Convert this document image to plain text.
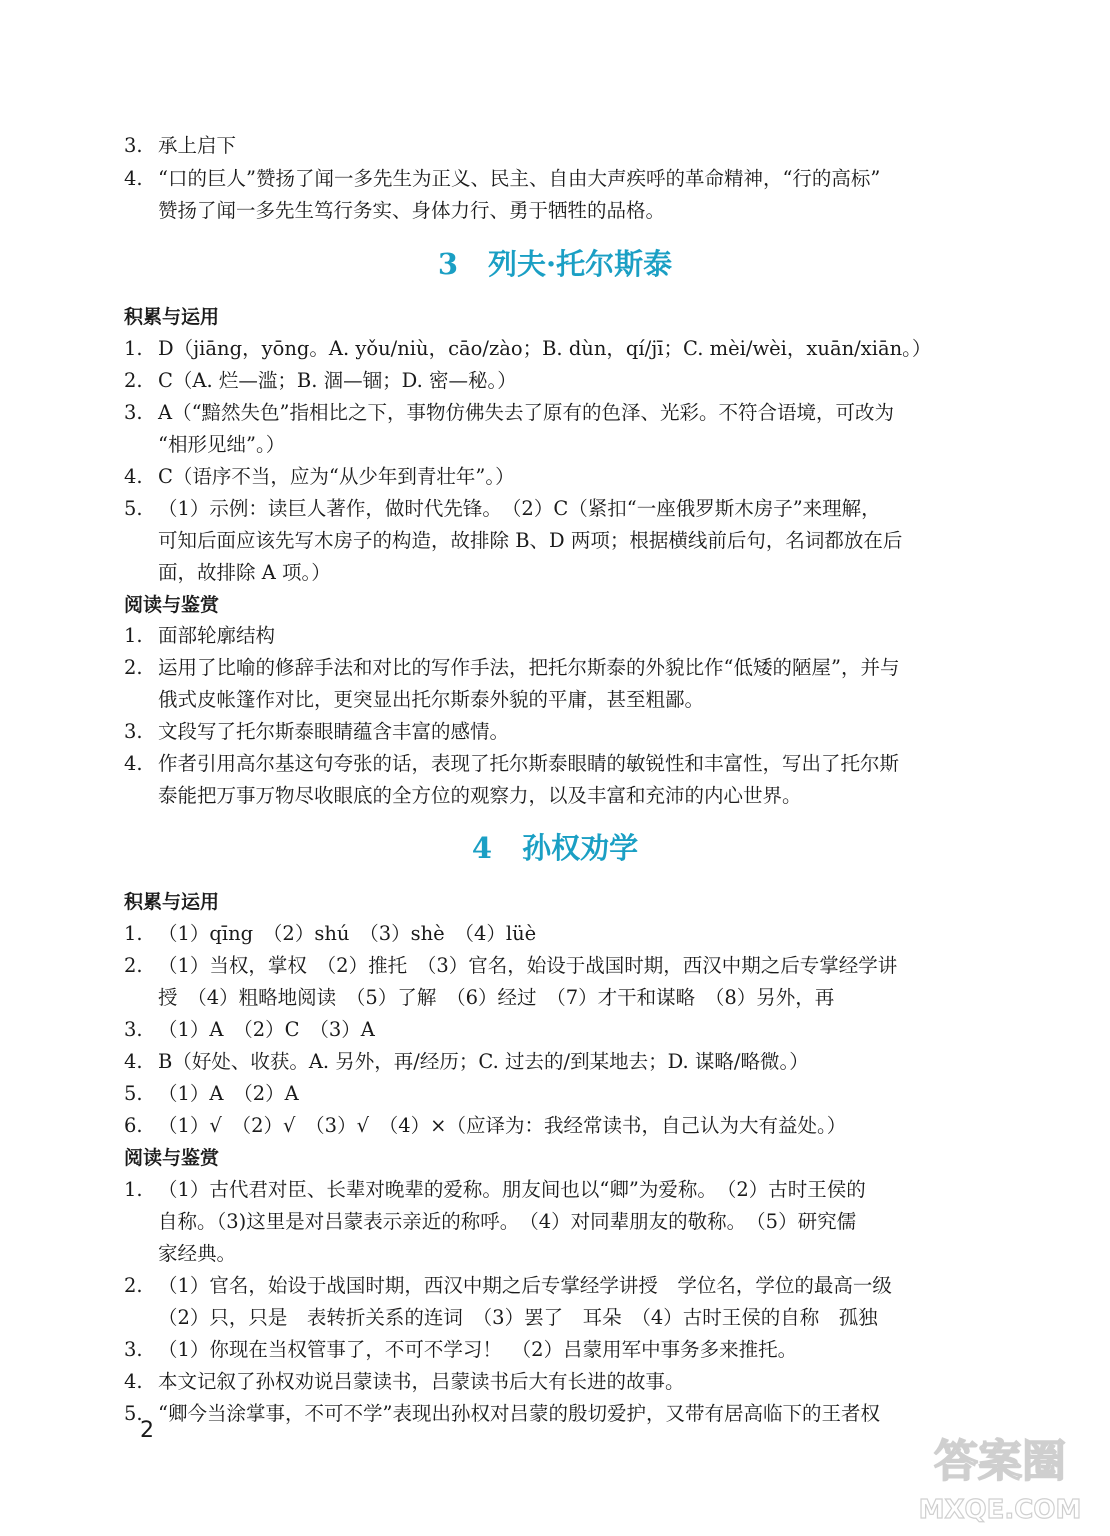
3. 承上启下
4. “口的巨人”赞扬了闻一多先生为正义、民主、自由大声疾呼的革命精神，“行的高标”
赞扬了闻一多先生笃行务实、身体力行、勇于牺牲的品格。
3 列夫·托尔斯泰
积累与运用
1. D（jiāng，yōng。A. yǒu/niù，cāo/zào；B. dùn，qí/jī；C. mèi/wèi，xuān/xiān。）
2. C（A. 烂—滥；B. 涸—锢；D. 密—秘。）
3. A（“黯然失色”指相比之下，事物仿佛失去了原有的色泽、光彩。不符合语境，可改为
“相形见绌”。）
4. C（语序不当，应为“从少年到青壮年”。）
5. （1）示例：读巨人著作，做时代先锋。　（2）C（紧扣“一座俄罗斯木房子”来理解，
可知后面应该先写木房子的构造，故排除 B、D 两项；根据横线前后句，名词都放在后
面，故排除 A 项。）
阅读与鉴赏
1. 面部轮廓结构
2. 运用了比喻的修辞手法和对比的写作手法，把托尔斯泰的外貌比作“低矮的陋屋”，并与
俄式皮帐篷作对比，更突显出托尔斯泰外貌的平庸，甚至粗鄙。
3. 文段写了托尔斯泰眼睛蕴含丰富的感情。
4. 作者引用高尔基这句夸张的话，表现了托尔斯泰眼睛的敏锐性和丰富性，写出了托尔斯
泰能把万事万物尽收眼底的全方位的观察力，以及丰富和充沛的内心世界。
4 孙权劝学
积累与运用
1. （1）qīng　（2）shú　（3）shè　（4）lüè
2. （1）当权，掌权　（2）推托　（3）官名，始设于战国时期，西汉中期之后专掌经学讲
授　（4）粗略地阅读　（5）了解　（6）经过　（7）才干和谋略　（8）另外，再
3. （1）A　（2）C　（3）A
4. B（好处、收获。A. 另外，再/经历；C. 过去的/到某地去；D. 谋略/略微。）
5. （1）A　（2）A
6. （1）√　（2）√　（3）√　（4）×（应译为：我经常读书，自己认为大有益处。）
阅读与鉴赏
1. （1）古代君对臣、长辈对晚辈的爱称。朋友间也以“卿”为爱称。　（2）古时王侯的
自称。（3)这里是对吕蒙表示亲近的称呼。　（4）对同辈朋友的敬称。　（5）研究儒
家经典。
2. （1）官名，始设于战国时期，西汉中期之后专掌经学讲授　学位名，学位的最高一级
（2）只，只是　表转折关系的连词　（3）罢了　耳朵　（4）古时王侯的自称　孤独
3. （1）你现在当权管事了，不可不学习！　（2）吕蒙用军中事务多来推托。
4. 本文记叙了孙权劝说吕蒙读书，吕蒙读书后大有长进的故事。
5. “卿今当涂掌事，不可不学”表现出孙权对吕蒙的殷切爱护，又带有居高临下的王者权
2
答案圈
MXQE.COM
